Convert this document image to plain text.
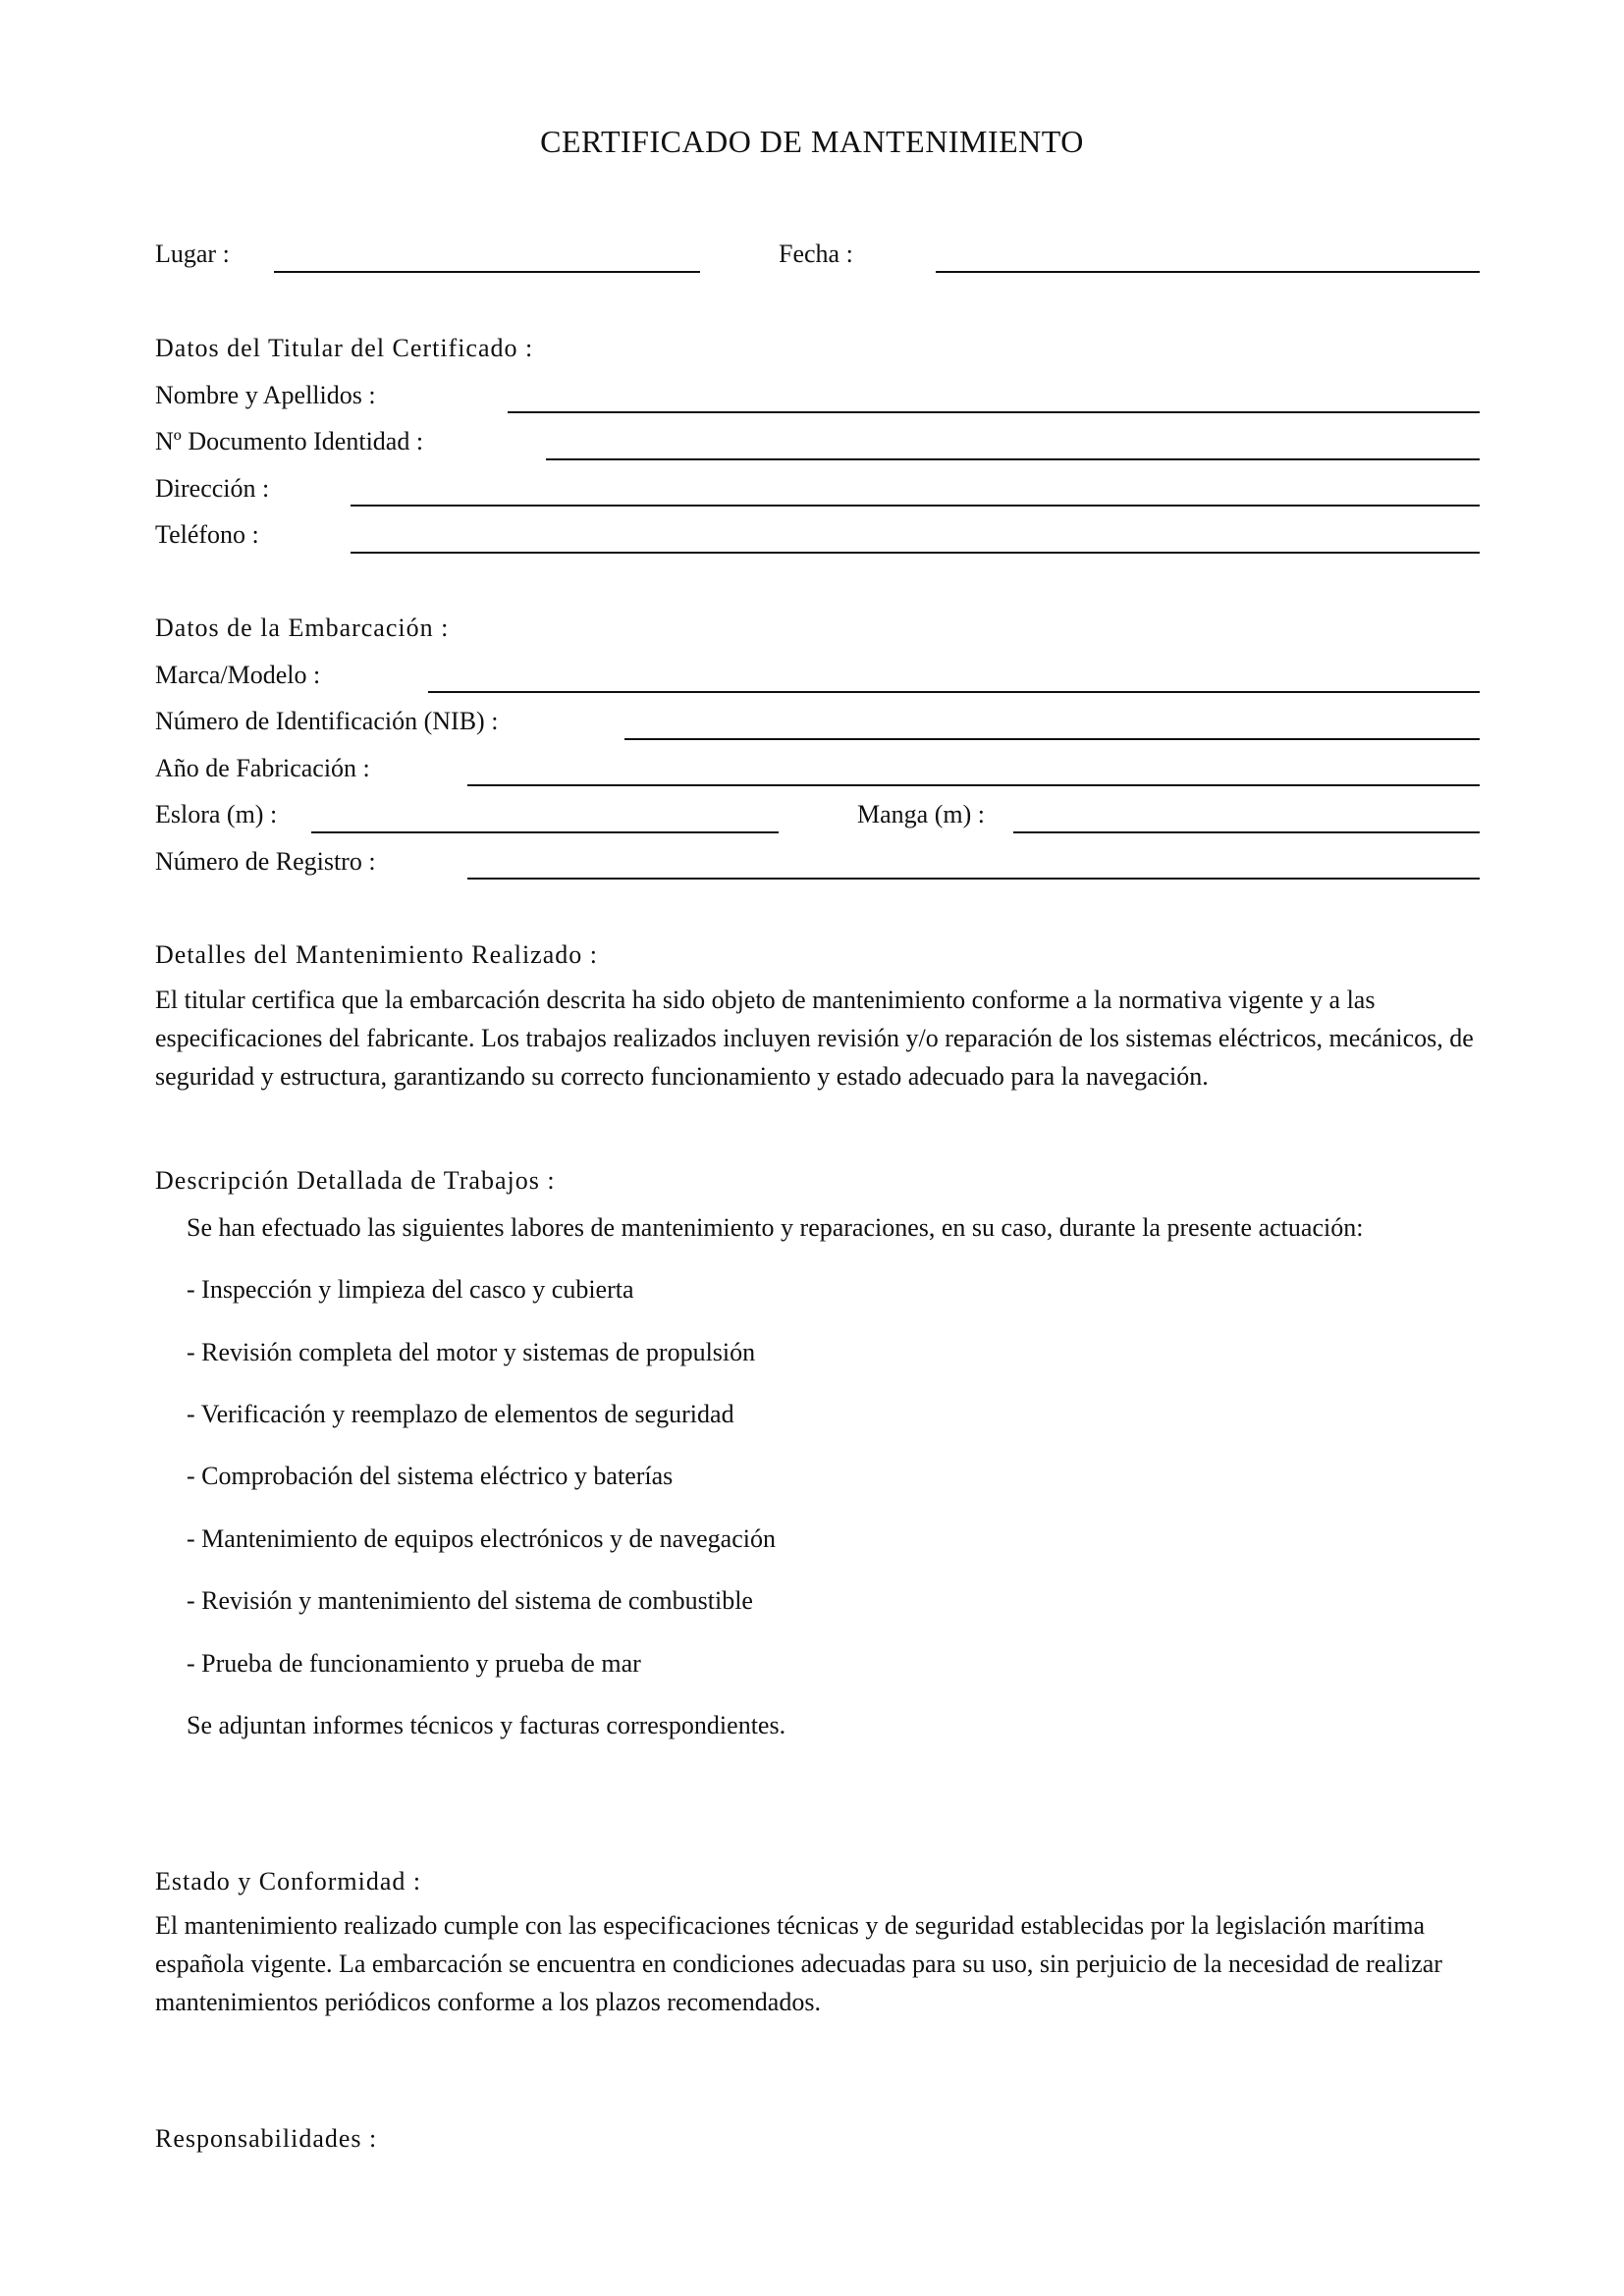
CERTIFICADO DE MANTENIMIENTO
Lugar :	Fecha :
Datos del Titular del Certificado :
Nombre y Apellidos :
Nº Documento Identidad :
Dirección :
Teléfono :
Datos de la Embarcación :
Marca/Modelo :
Número de Identificación (NIB) :
Año de Fabricación :
Eslora (m) :	Manga (m) :
Número de Registro :
Detalles del Mantenimiento Realizado :
El titular certifica que la embarcación descrita ha sido objeto de mantenimiento conforme a la normativa vigente y a las especificaciones del fabricante. Los trabajos realizados incluyen revisión y/o reparación de los sistemas eléctricos, mecánicos, de seguridad y estructura, garantizando su correcto funcionamiento y estado adecuado para la navegación.
Descripción Detallada de Trabajos :
Se han efectuado las siguientes labores de mantenimiento y reparaciones, en su caso, durante la presente actuación:
- Inspección y limpieza del casco y cubierta
- Revisión completa del motor y sistemas de propulsión
- Verificación y reemplazo de elementos de seguridad
- Comprobación del sistema eléctrico y baterías
- Mantenimiento de equipos electrónicos y de navegación
- Revisión y mantenimiento del sistema de combustible
- Prueba de funcionamiento y prueba de mar
Se adjuntan informes técnicos y facturas correspondientes.
Estado y Conformidad :
El mantenimiento realizado cumple con las especificaciones técnicas y de seguridad establecidas por la legislación marítima española vigente. La embarcación se encuentra en condiciones adecuadas para su uso, sin perjuicio de la necesidad de realizar mantenimientos periódicos conforme a los plazos recomendados.
Responsabilidades :
